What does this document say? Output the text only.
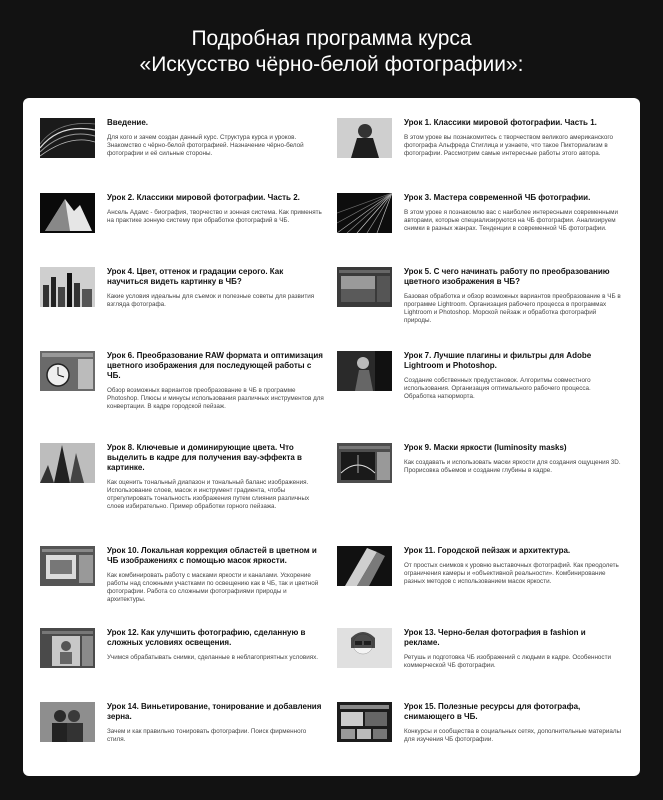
Подробная программа курса
«Искусство чёрно-белой фотографии»:

Введение.

Для кого и зачем создан данный курс. Структура курса и уроков. Знакомство с чёрно-белой фотографией. Назначение чёрно-белой фотографии и её сильные стороны.

Урок 2. Классики мировой фотографии. Часть 2.

Ансель Адамс - биография, творчество и зонная система. Как применять на практике зонную систему при обработке фотографий в ЧБ.

Урок 4. Цвет, оттенок и градации серого. Как научиться видеть картинку в ЧБ?

Какие условия идеальны для съемок и полезные советы для развития взгляда фотографа.

Урок 6. Преобразование RAW формата и оптимизация цветного изображения для последующей работы с ЧБ.

Обзор возможных вариантов преобразование в ЧБ в программе Photoshop. Плюсы и минусы использования различных инструментов для конвертации. В кадре городской пейзаж.

Урок 8. Ключевые и доминирующие цвета. Что выделить в кадре для получения вау-эффекта в картинке.

Как оценить тональный диапазон и тональный баланс изображения. Использование слоев, масок и инструмент градиента, чтобы отрегулировать тональность изображения путем слияния различных слоев избирательно. Пример обработки горного пейзажа.

Урок 10. Локальная коррекция областей в цветном и ЧБ изображениях с помощью масок яркости.

Как комбинировать работу с масками яркости и каналами. Ускорение работы над сложными участками по освещению как в ЧБ, так и цветной фотографии. Работа со сложными фотографиями природы и архитектуры.

Урок 12. Как улучшить фотографию, сделанную в сложных условиях освещения.

Учимся обрабатывать снимки, сделанные в неблагоприятных условиях.

Урок 14. Виньетирование, тонирование и добавления зерна.

Зачем и как правильно тонировать фотографии. Поиск фирменного стиля.

Урок 1. Классики мировой фотографии. Часть 1.

В этом уроке вы познакомитесь с творчеством великого американского фотографа Альфреда Стиглица и узнаете, что такое Пикториализм в фотографии. Рассмотрим самые интересные работы этого автора.

Урок 3. Мастера современной ЧБ фотографии.

В этом уроке я познакомлю вас с наиболее интересными современными авторами, которые специализируются на ЧБ фотографии. Анализируем снимки в разных жанрах. Тенденции в современной ЧБ фотографии.

Урок 5. С чего начинать работу по преобразованию цветного изображения в ЧБ?

Базовая обработка и обзор возможных вариантов преобразование в ЧБ в программе Lightroom. Организация рабочего процесса в программах Lightroom и Photoshop. Морской пейзаж и обработка фотографий природы.

Урок 7. Лучшие плагины и фильтры для Adobe Lightroom и Photoshop.

Создание собственных предустановок. Алгоритмы совместного использования. Организация оптимального рабочего процесса. Обработка натюрморта.

Урок 9. Маски яркости (luminosity masks)

Как создавать и использовать маски яркости для создания ощущения 3D. Прорисовка объемов и создание глубины в кадре.

Урок 11. Городской пейзаж и архитектура.

От простых снимков к уровню выставочных фотографий. Как преодолеть ограничения камеры и «объективной реальности». Комбинирование разных методов с использованием масок яркости.

Урок 13. Черно-белая фотография в fashion и рекламе.

Ретушь и подготовка ЧБ изображений с людьми в кадре. Особенности коммерческой ЧБ фотографии.

Урок 15. Полезные ресурсы для фотографа, снимающего в ЧБ.

Конкурсы и сообщества в социальных сетях, дополнительные материалы для изучения ЧБ фотографии.
